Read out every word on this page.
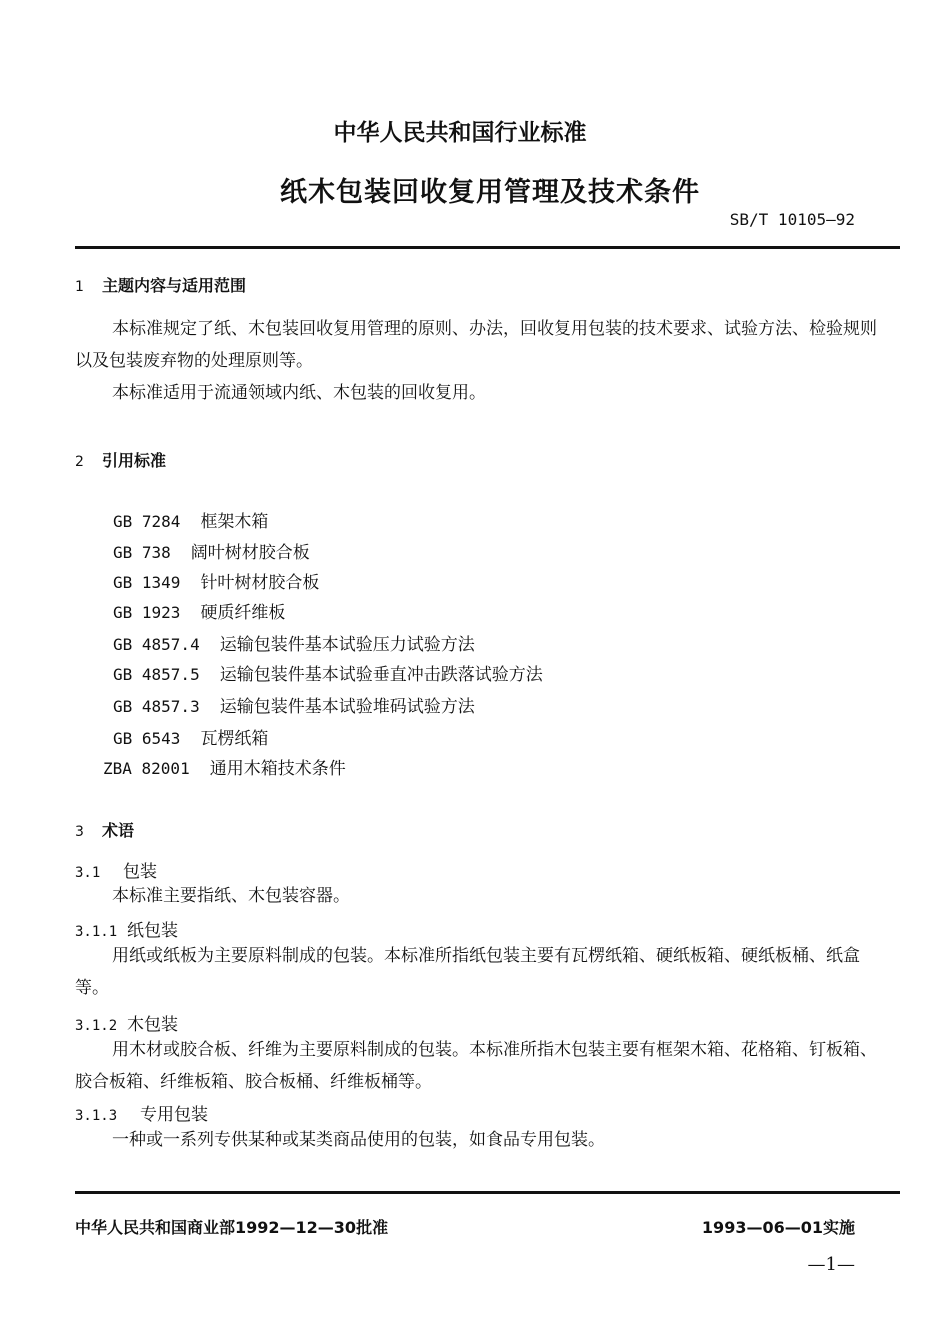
中华人民共和国行业标准
纸木包装回收复用管理及技术条件
SB/T 10105—92
1 主题内容与适用范围
本标准规定了纸、木包装回收复用管理的原则、办法，回收复用包装的技术要求、试验方法、检验规则以及包装废弃物的处理原则等。
本标准适用于流通领域内纸、木包装的回收复用。
2 引用标准
GB 7284 框架木箱
GB 738 阔叶树材胶合板
GB 1349 针叶树材胶合板
GB 1923 硬质纤维板
GB 4857.4 运输包装件基本试验压力试验方法
GB 4857.5 运输包装件基本试验垂直冲击跌落试验方法
GB 4857.3 运输包装件基本试验堆码试验方法
GB 6543 瓦楞纸箱
ZBA 82001 通用木箱技术条件
3 术语
3.1 包装
本标准主要指纸、木包装容器。
3.1.1 纸包装
用纸或纸板为主要原料制成的包装。本标准所指纸包装主要有瓦楞纸箱、硬纸板箱、硬纸板桶、纸盒等。
3.1.2 木包装
用木材或胶合板、纤维为主要原料制成的包装。本标准所指木包装主要有框架木箱、花格箱、钉板箱、胶合板箱、纤维板箱、胶合板桶、纤维板桶等。
3.1.3 专用包装
一种或一系列专供某种或某类商品使用的包装，如食品专用包装。
中华人民共和国商业部1992—12—30批准	1993—06—01实施
—1—
